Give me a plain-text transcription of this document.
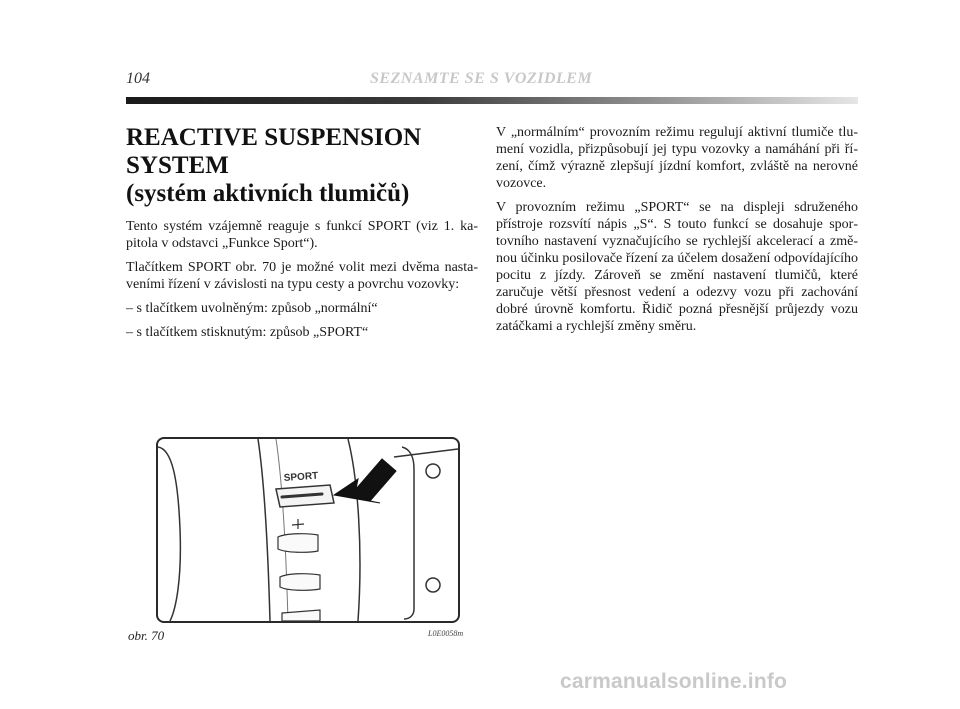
104	SEZNAMTE SE S VOZIDLEM
REACTIVE SUSPENSION
SYSTEM
(systém aktivních tlumičů)

Tento systém vzájemně reaguje s funkcí SPORT (viz 1. kapitola v odstavci „Funkce Sport“).

Tlačítkem SPORT obr. 70 je možné volit mezi dvěma nastaveními řízení v závislosti na typu cesty a povrchu vozovky:

– s tlačítkem uvolněným: způsob „normální“

– s tlačítkem stisknutým: způsob „SPORT“

V „normálním“ provozním režimu regulují aktivní tlumiče tlumení vozidla, přizpůsobují jej typu vozovky a namáhání při řízení, čímž výrazně zlepšují jízdní komfort, zvláště na nerovné vozovce.

V provozním režimu „SPORT“ se na displeji sdruženého přístroje rozsvítí nápis „S“. S touto funkcí se dosahuje sportovního nastavení vyznačujícího se rychlejší akcelerací a změnou účinku posilovače řízení za účelem dosažení odpovídajícího pocitu z jízdy. Zároveň se změní nastavení tlumičů, které zaručuje větší přesnost vedení a odezvy vozu při zachování dobré úrovně komfortu. Řidič pozná přesnější průjezdy vozu zatáčkami a rychlejší změny směru.

SPORT
obr. 70	L0E0058m
carmanualsonline.info
